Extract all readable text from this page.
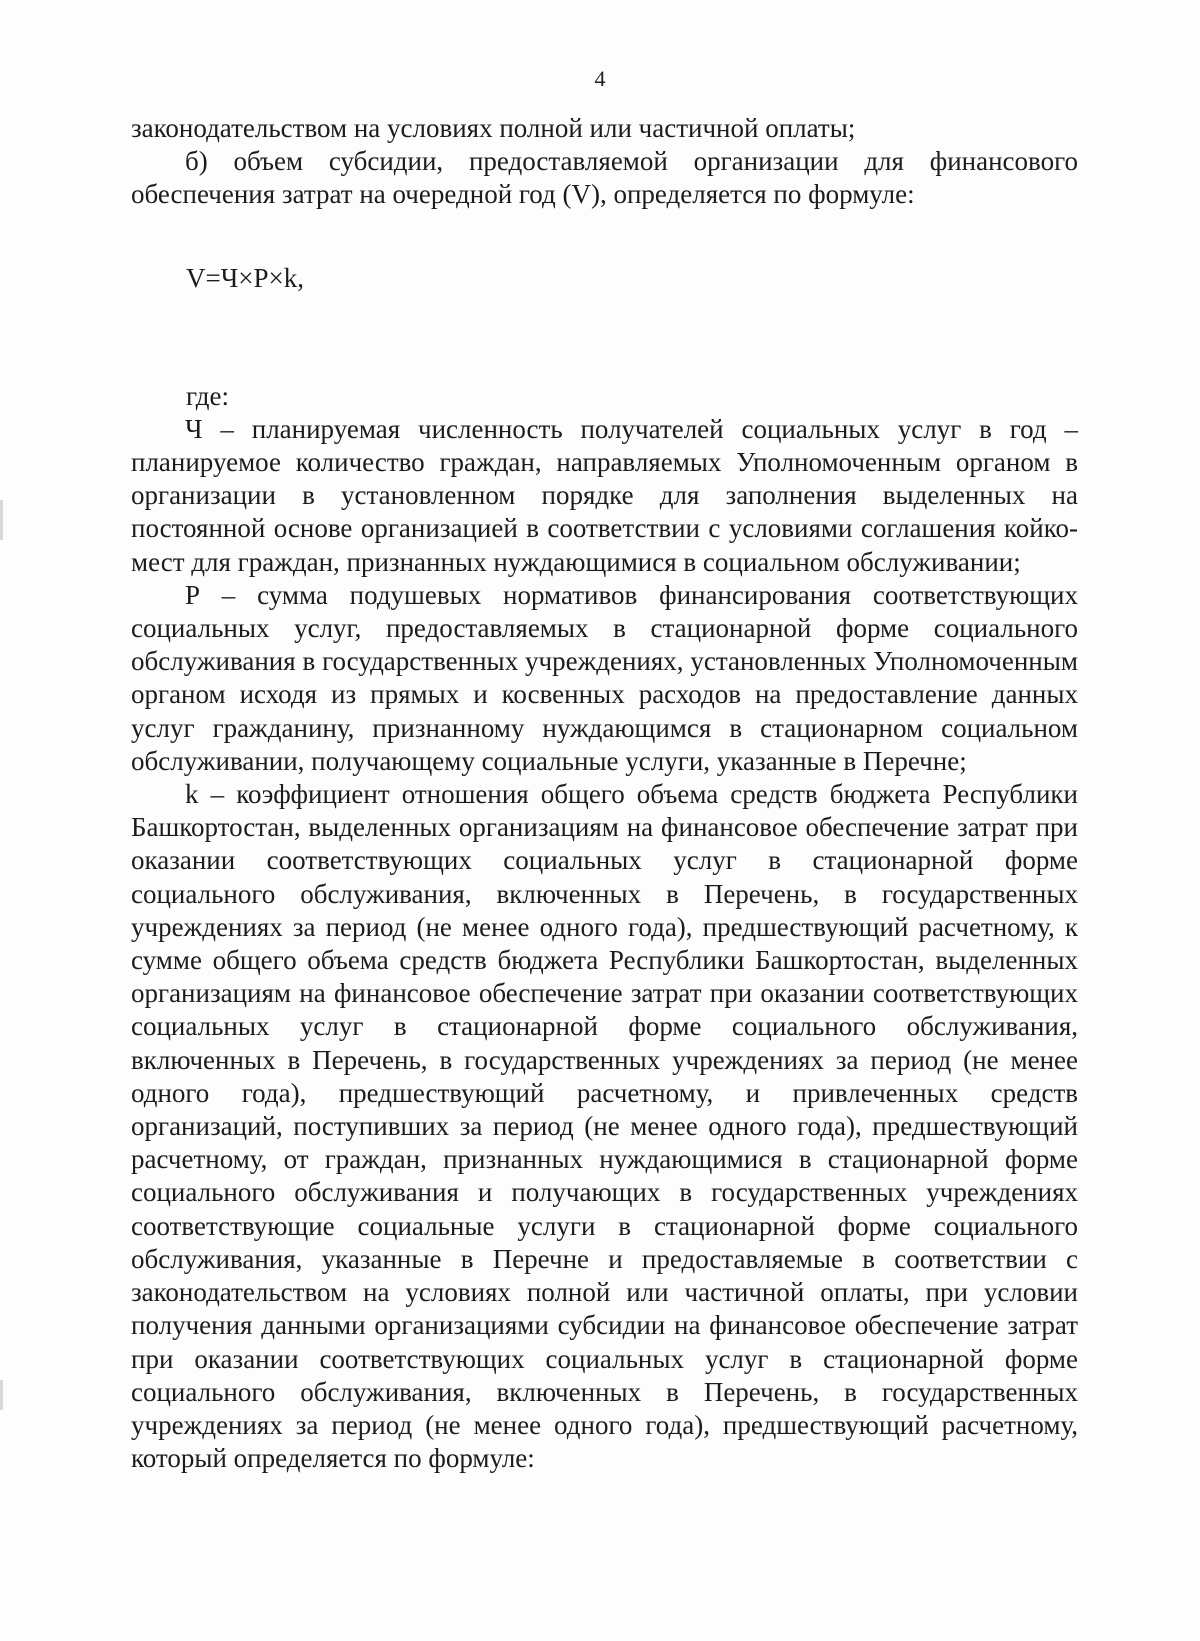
4

законодательством на условиях полной или частичной оплаты;

б) объем субсидии, предоставляемой организации для финансового обеспечения затрат на очередной год (V), определяется по формуле:

V=Ч×P×k,

где:

Ч – планируемая численность получателей социальных услуг в год – планируемое количество граждан, направляемых Уполномоченным органом в организации в установленном порядке для заполнения выделенных на постоянной основе организацией в соответствии с условиями соглашения койко-мест для граждан, признанных нуждающимися в социальном обслуживании;

Р – сумма подушевых нормативов финансирования соответствующих социальных услуг, предоставляемых в стационарной форме социального обслуживания в государственных учреждениях, установленных Уполномоченным органом исходя из прямых и косвенных расходов на предоставление данных услуг гражданину, признанному нуждающимся в стационарном социальном обслуживании, получающему социальные услуги, указанные в Перечне;

k – коэффициент отношения общего объема средств бюджета Республики Башкортостан, выделенных организациям на финансовое обеспечение затрат при оказании соответствующих социальных услуг в стационарной форме социального обслуживания, включенных в Перечень, в государственных учреждениях за период (не менее одного года), предшествующий расчетному, к сумме общего объема средств бюджета Республики Башкортостан, выделенных организациям на финансовое обеспечение затрат при оказании соответствующих социальных услуг в стационарной форме социального обслуживания, включенных в Перечень, в государственных учреждениях за период (не менее одного года), предшествующий расчетному, и привлеченных средств организаций, поступивших за период (не менее одного года), предшествующий расчетному, от граждан, признанных нуждающимися в стационарной форме социального обслуживания и получающих в государственных учреждениях соответствующие социальные услуги в стационарной форме социального обслуживания, указанные в Перечне и предоставляемые в соответствии с законодательством на условиях полной или частичной оплаты, при условии получения данными организациями субсидии на финансовое обеспечение затрат при оказании соответствующих социальных услуг в стационарной форме социального обслуживания, включенных в Перечень, в государственных учреждениях за период (не менее одного года), предшествующий расчетному, который определяется по формуле:
